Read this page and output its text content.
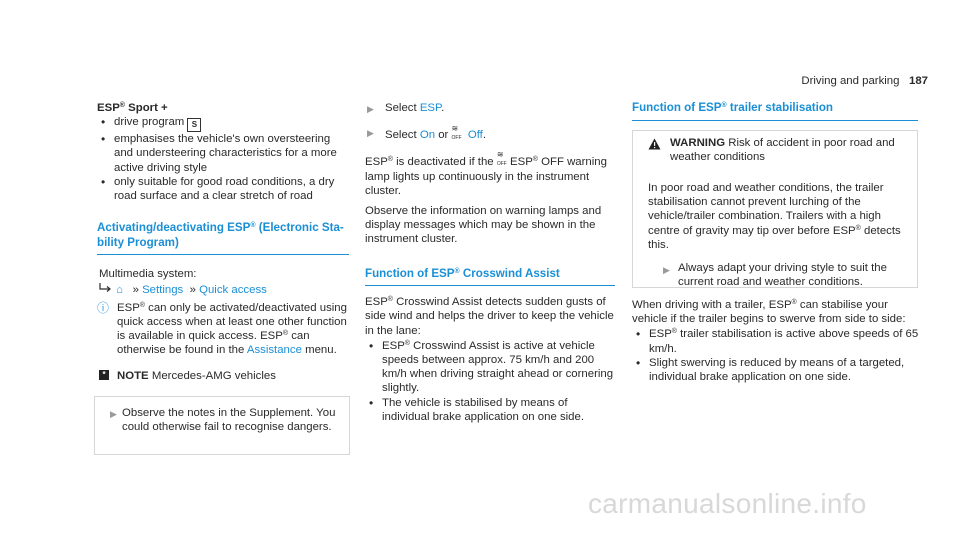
Driving and parking 187

ESP® Sport +

• drive program S
• emphasises the vehicle's own oversteering and understeering characteristics for a more active driving style
• only suitable for good road conditions, a dry road surface and a clear stretch of road
Activating/deactivating ESP® (Electronic Sta-
bility Program)

Multimedia system:

⌂ » Settings » Quick access

ⓘ ESP® can only be activated/deactivated using quick access when at least one other function is available in quick access. ESP® can otherwise be found in the Assistance menu.

*	NOTE Mercedes-AMG vehicles
▶ Observe the notes in the Supplement. You could otherwise fail to recognise dangers.

▶ Select ESP.

▶ Select On or ≋
OFF Off.

ESP® is deactivated if the ≋
OFF ESP® OFF warning lamp lights up continuously in the instrument cluster.

Observe the information on warning lamps and display messages which may be shown in the instrument cluster.

Function of ESP® Crosswind Assist

ESP® Crosswind Assist detects sudden gusts of side wind and helps the driver to keep the vehicle in the lane:

• ESP® Crosswind Assist is active at vehicle speeds between approx. 75 km/h and 200 km/h when driving straight ahead or cornering slightly.
• The vehicle is stabilised by means of individual brake application on one side.
Function of ESP® trailer stabilisation

WARNING Risk of accident in poor road and weather conditions

In poor road and weather conditions, the trailer stabilisation cannot prevent lurching of the vehicle/trailer combination. Trailers with a high centre of gravity may tip over before ESP® detects this.

▶ Always adapt your driving style to suit the current road and weather conditions.

When driving with a trailer, ESP® can stabilise your vehicle if the trailer begins to swerve from side to side:

• ESP® trailer stabilisation is active above speeds of 65 km/h.
• Slight swerving is reduced by means of a targeted, individual brake application on one side.
carmanualsonline.info
